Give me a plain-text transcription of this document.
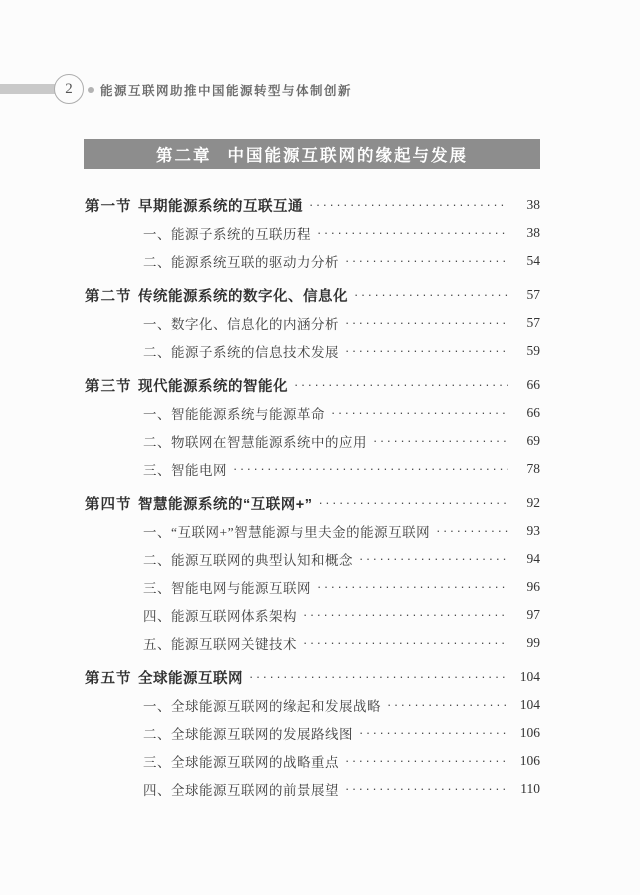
2 能源互联网助推中国能源转型与体制创新
第二章 中国能源互联网的缘起与发展
第一节 早期能源系统的互联互通 ·····	38
一、能源子系统的互联历程 ·····	38
二、能源系统互联的驱动力分析 ·····	54
第二节 传统能源系统的数字化、信息化 ·····	57
一、数字化、信息化的内涵分析 ·····	57
二、能源子系统的信息技术发展 ·····	59
第三节 现代能源系统的智能化 ·····	66
一、智能能源系统与能源革命 ·····	66
二、物联网在智慧能源系统中的应用 ·····	69
三、智能电网 ·····	78
第四节 智慧能源系统的“互联网+” ·····	92
一、“互联网+”智慧能源与里夫金的能源互联网 ·····	93
二、能源互联网的典型认知和概念 ·····	94
三、智能电网与能源互联网 ·····	96
四、能源互联网体系架构 ·····	97
五、能源互联网关键技术 ·····	99
第五节 全球能源互联网 ·····	104
一、全球能源互联网的缘起和发展战略 ·····	104
二、全球能源互联网的发展路线图 ·····	106
三、全球能源互联网的战略重点 ·····	106
四、全球能源互联网的前景展望 ·····	110
